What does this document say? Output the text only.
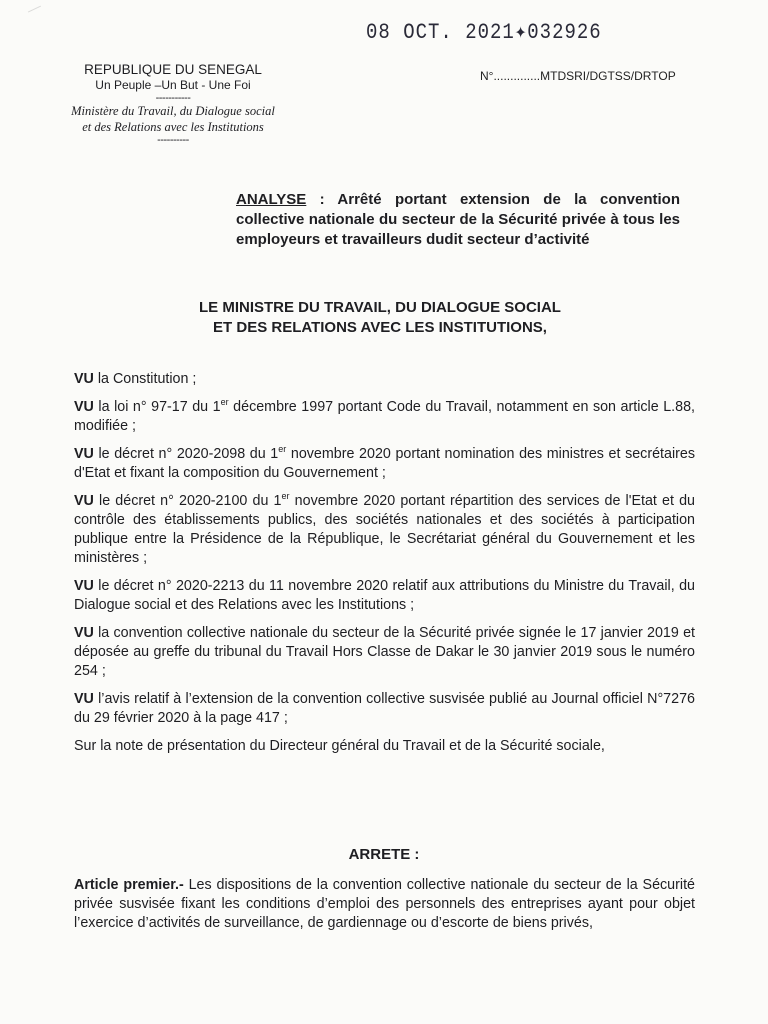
08 OCT. 2021✦032926
N°..............MTDSRI/DGTSS/DRTOP
REPUBLIQUE DU SENEGAL
Un Peuple –Un But - Une Foi
-----------
Ministère du Travail, du Dialogue social
et des Relations avec les Institutions
----------
ANALYSE : Arrêté portant extension de la convention collective nationale du secteur de la Sécurité privée à tous les employeurs et travailleurs dudit secteur d’activité
LE MINISTRE DU TRAVAIL, DU DIALOGUE SOCIAL
ET DES RELATIONS AVEC LES INSTITUTIONS,

VU la Constitution ;

VU la loi n° 97-17 du 1er décembre 1997 portant Code du Travail, notamment en son article L.88, modifiée ;

VU le décret n° 2020-2098 du 1er novembre 2020 portant nomination des ministres et secrétaires d'Etat et fixant la composition du Gouvernement ;

VU le décret n° 2020-2100 du 1er novembre 2020 portant répartition des services de l'Etat et du contrôle des établissements publics, des sociétés nationales et des sociétés à participation publique entre la Présidence de la République, le Secrétariat général du Gouvernement et les ministères ;

VU le décret n° 2020-2213 du 11 novembre 2020 relatif aux attributions du Ministre du Travail, du Dialogue social et des Relations avec les Institutions ;

VU la convention collective nationale du secteur de la Sécurité privée signée le 17 janvier 2019 et déposée au greffe du tribunal du Travail Hors Classe de Dakar le 30 janvier 2019 sous le numéro 254 ;

VU l’avis relatif à l’extension de la convention collective susvisée publié au Journal officiel N°7276 du 29 février 2020 à la page 417 ;

Sur la note de présentation du Directeur général du Travail et de la Sécurité sociale,

ARRETE :
Article premier.- Les dispositions de la convention collective nationale du secteur de la Sécurité privée susvisée fixant les conditions d’emploi des personnels des entreprises ayant pour objet l’exercice d’activités de surveillance, de gardiennage ou d’escorte de biens privés,
